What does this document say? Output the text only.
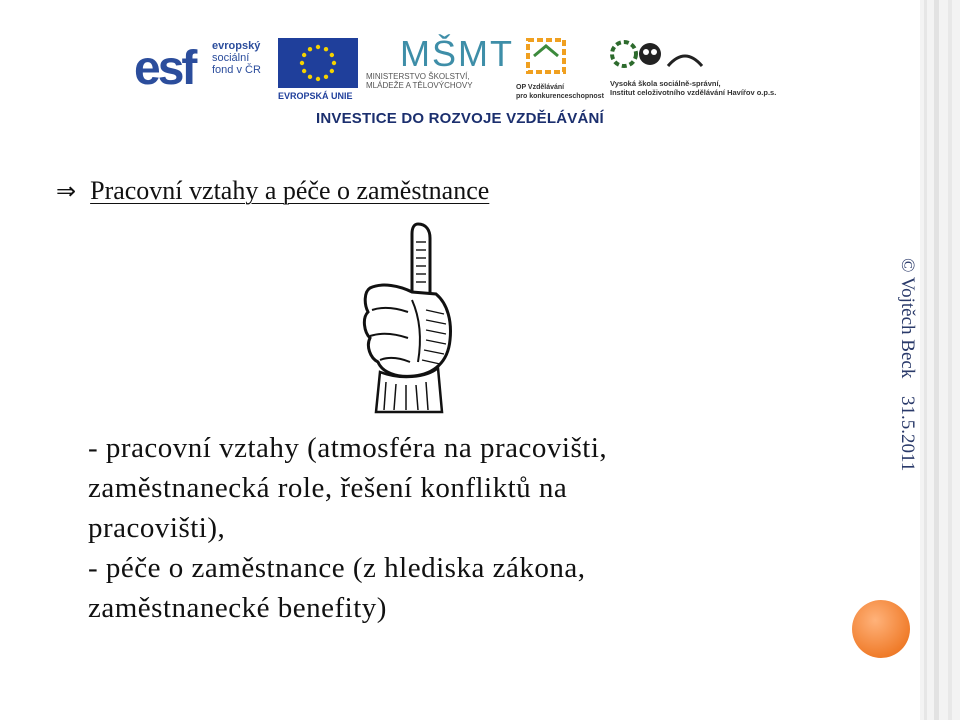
esf evropský
sociální
fond v ČR
EVROPSKÁ UNIE
MŠMT
MINISTERSTVO ŠKOLSTVÍ,
MLÁDEŽE A TĚLOVÝCHOVY	OP Vzdělávání
pro konkurenceschopnost
Vysoká škola sociálně-správní,
Institut celoživotního vzdělávání Havířov o.p.s.
INVESTICE DO ROZVOJE VZDĚLÁVÁNÍ
⇒ Pracovní vztahy a péče o zaměstnance
- pracovní vztahy (atmosféra na pracovišti,
zaměstnanecká role, řešení konfliktů na
pracovišti),
- péče o zaměstnance (z hlediska zákona,
zaměstnanecké benefity)
© Vojtěch Beck
31.5.2011
